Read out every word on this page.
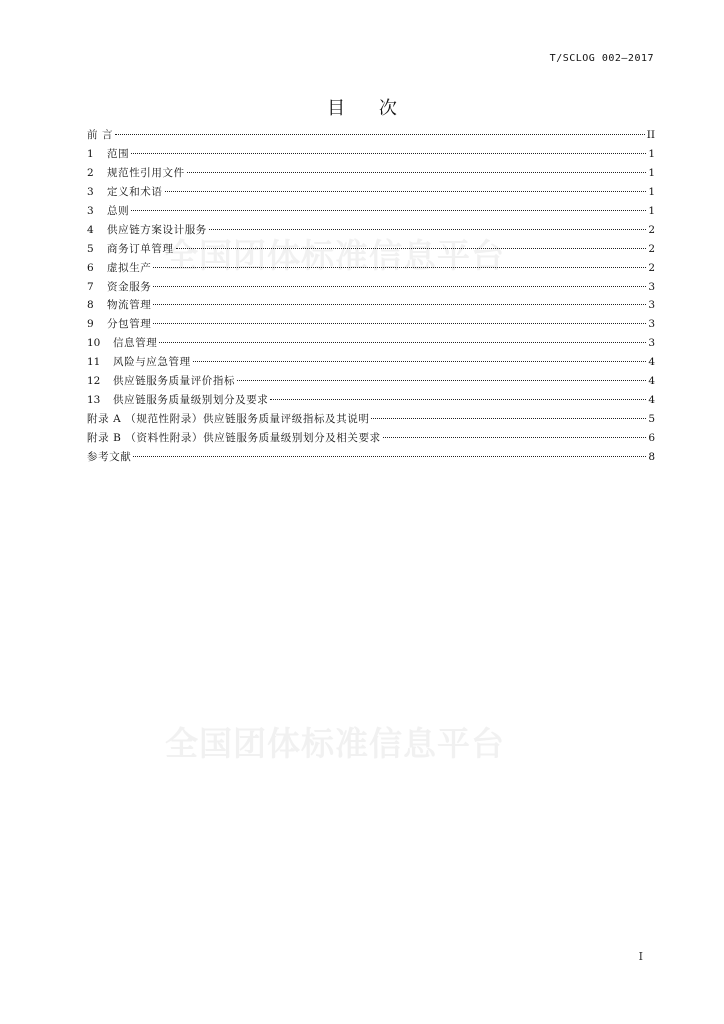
T/SCLOG 002—2017
目 次
全国团体标准信息平台
全国团体标准信息平台
前 言	II
1	范围	1
2	规范性引用文件	1
3	定义和术语	1
3	总则	1
4	供应链方案设计服务	2
5	商务订单管理	2
6	虚拟生产	2
7	资金服务	3
8	物流管理	3
9	分包管理	3
10	信息管理	3
11	风险与应急管理	4
12	供应链服务质量评价指标	4
13	供应链服务质量级别划分及要求	4
附录 A （规范性附录）供应链服务质量评级指标及其说明	5
附录 B （资料性附录）供应链服务质量级别划分及相关要求	6
参考文献	8
I
